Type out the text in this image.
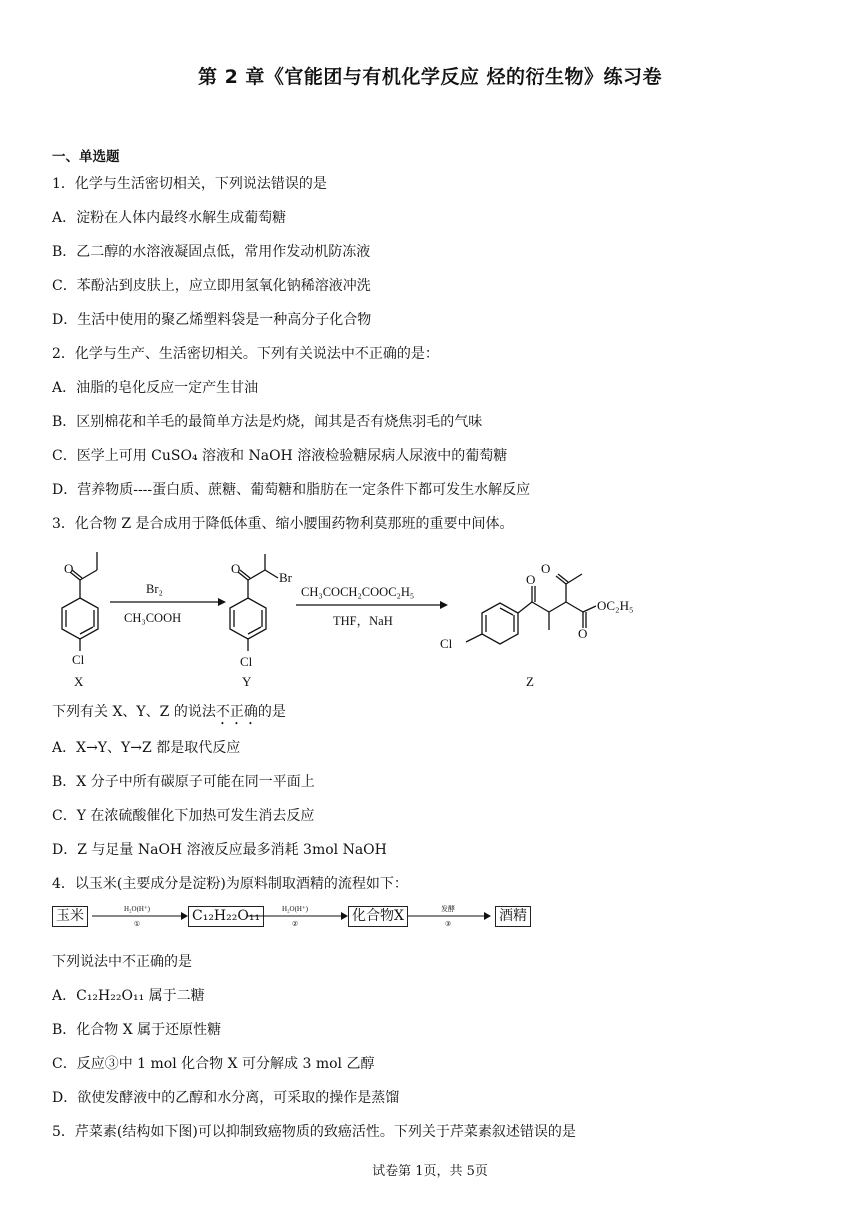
第 2 章《官能团与有机化学反应 烃的衍生物》练习卷
一、单选题
1．化学与生活密切相关，下列说法错误的是
A．淀粉在人体内最终水解生成葡萄糖
B．乙二醇的水溶液凝固点低，常用作发动机防冻液
C．苯酚沾到皮肤上，应立即用氢氧化钠稀溶液冲洗
D．生活中使用的聚乙烯塑料袋是一种高分子化合物
2．化学与生产、生活密切相关。下列有关说法中不正确的是：
A．油脂的皂化反应一定产生甘油
B．区别棉花和羊毛的最简单方法是灼烧，闻其是否有烧焦羽毛的气味
C．医学上可用 CuSO₄ 溶液和 NaOH 溶液检验糖尿病人尿液中的葡萄糖
D．营养物质----蛋白质、蔗糖、葡萄糖和脂肪在一定条件下都可发生水解反应
3．化合物 Z 是合成用于降低体重、缩小腰围药物利莫那班的重要中间体。
O
Cl
X
Br₂
CH₃COOH
O
Br
Cl
Y
CH₃COCH₂COOC₂H₅
THF，NaH
O
O
O
OC₂H₅
Cl
Z
下列有关 X、Y、Z 的说法不正确的是
A．X→Y、Y→Z 都是取代反应
B．X 分子中所有碳原子可能在同一平面上
C．Y 在浓硫酸催化下加热可发生消去反应
D．Z 与足量 NaOH 溶液反应最多消耗 3mol NaOH
4．以玉米(主要成分是淀粉)为原料制取酒精的流程如下：
玉米	C₁₂H₂₂O₁₁	化合物X	酒精
H₂O(H⁺)
①
H₂O(H⁺)
②
发酵
③
下列说法中不正确的是
A．C₁₂H₂₂O₁₁ 属于二糖
B．化合物 X 属于还原性糖
C．反应③中 1 mol 化合物 X 可分解成 3 mol 乙醇
D．欲使发酵液中的乙醇和水分离，可采取的操作是蒸馏
5．芹菜素(结构如下图)可以抑制致癌物质的致癌活性。下列关于芹菜素叙述错误的是
试卷第 1页，共 5页
